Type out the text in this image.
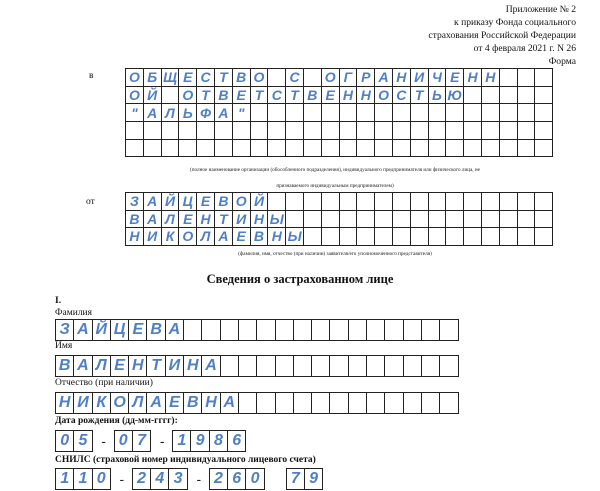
Приложение № 2
к приказу Фонда социального
страхования Российской Федерации
от 4 февраля 2021 г. N 26
Форма
в	О	Б	Щ	Е	С	Т	В	О		С		О	Г	Р	А	Н	И	Ч	Е	Н	Н			
О	Й		О	Т	В	Е	Т	С	Т	В	Е	Н	Н	О	С	Т	Ь	Ю					
"	А	Л	Ь	Ф	А	"																	

(полное наименование организации (обособленного подразделения), индивидуального предпринимателя или физического лица, не
признаваемого индивидуальным предпринимателем)
от	З	А	Й	Ц	Е	В	О	Й																
В	А	Л	Е	Н	Т	И	Н	Ы															
Н	И	К	О	Л	А	Е	В	Н	Ы														
(фамилия, имя, отчество (при наличии) заявителя/его уполномоченного представителя)
Сведения о застрахованном лице
I.
Фамилия
З	А	Й	Ц	Е	В	А															
Имя
В	А	Л	Е	Н	Т	И	Н	А													
Отчество (при наличии)
Н	И	К	О	Л	А	Е	В	Н	А												
Дата рождения (дд-мм-гггг):
0 5 - 0 7 - 1 9 8 6
СНИЛС (страховой номер индивидуального лицевого счета)
1 1 0 - 2 4 3 - 2 6 0	7 9
